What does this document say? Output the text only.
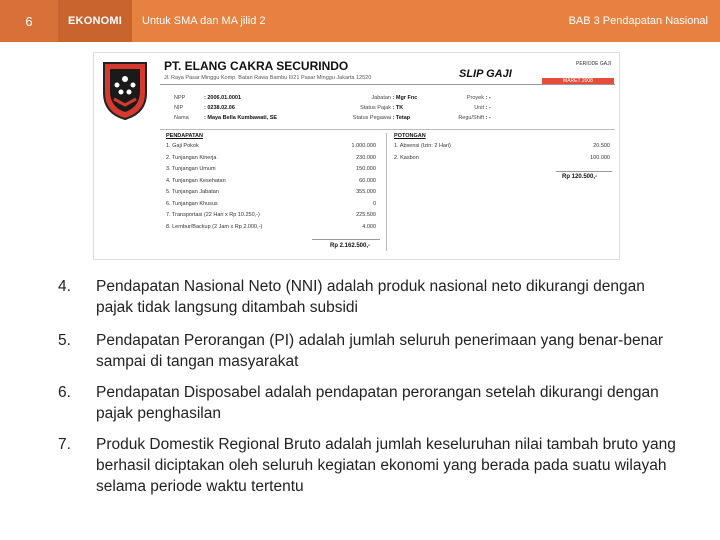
6	EKONOMI	Untuk SMA dan MA jilid 2	BAB 3 Pendapatan Nasional
PT. ELANG CAKRA SECURINDO
Jl. Raya Pasar Minggu Komp. Batan Rawa Bambu II/21 Pasar Minggu Jakarta 12520	SLIP GAJI
PERIODE GAJI
MARET 2008
NPP	: 2006.01.0001
NIP	: 0238.02.06
Nama	: Maya Bella Kumbawati, SE
Jabatan : Mgr Fnc
Status Pajak : TK
Status Pegawai : Tetap
Proyek : -
Unit : -
Regu/Shift : -
PENDAPATAN	POTONGAN
1. Gaji Pokok	1.000.000
2. Tunjangan Kinerja	230.000
3. Tunjangan Umum	150.000
4. Tunjangan Kesehatan	60.000
5. Tunjangan Jabatan	355.000
6. Tunjangan Khusus	0
7. Transportasi (22 Hari x Rp 10.250,-)	225.500
8. Lembur/Backup (2 Jam x Rp 2.000,-)	4.000
1. Absensi (Izin: 2 Hari)	20.500
2. Kasbon	100.000
Rp 2.162.500,-
Rp 120.500,-
4.	Pendapatan Nasional Neto (NNI) adalah produk nasional neto dikurangi dengan pajak tidak langsung ditambah subsidi
5.	Pendapatan Perorangan (PI) adalah jumlah seluruh penerimaan yang benar-benar sampai di tangan masyarakat
6.	Pendapatan Disposabel adalah pendapatan perorangan setelah dikurangi dengan pajak penghasilan
7.	Produk Domestik Regional Bruto adalah jumlah keseluruhan nilai tambah bruto yang berhasil diciptakan oleh seluruh kegiatan ekonomi yang berada pada suatu wilayah selama periode waktu tertentu
